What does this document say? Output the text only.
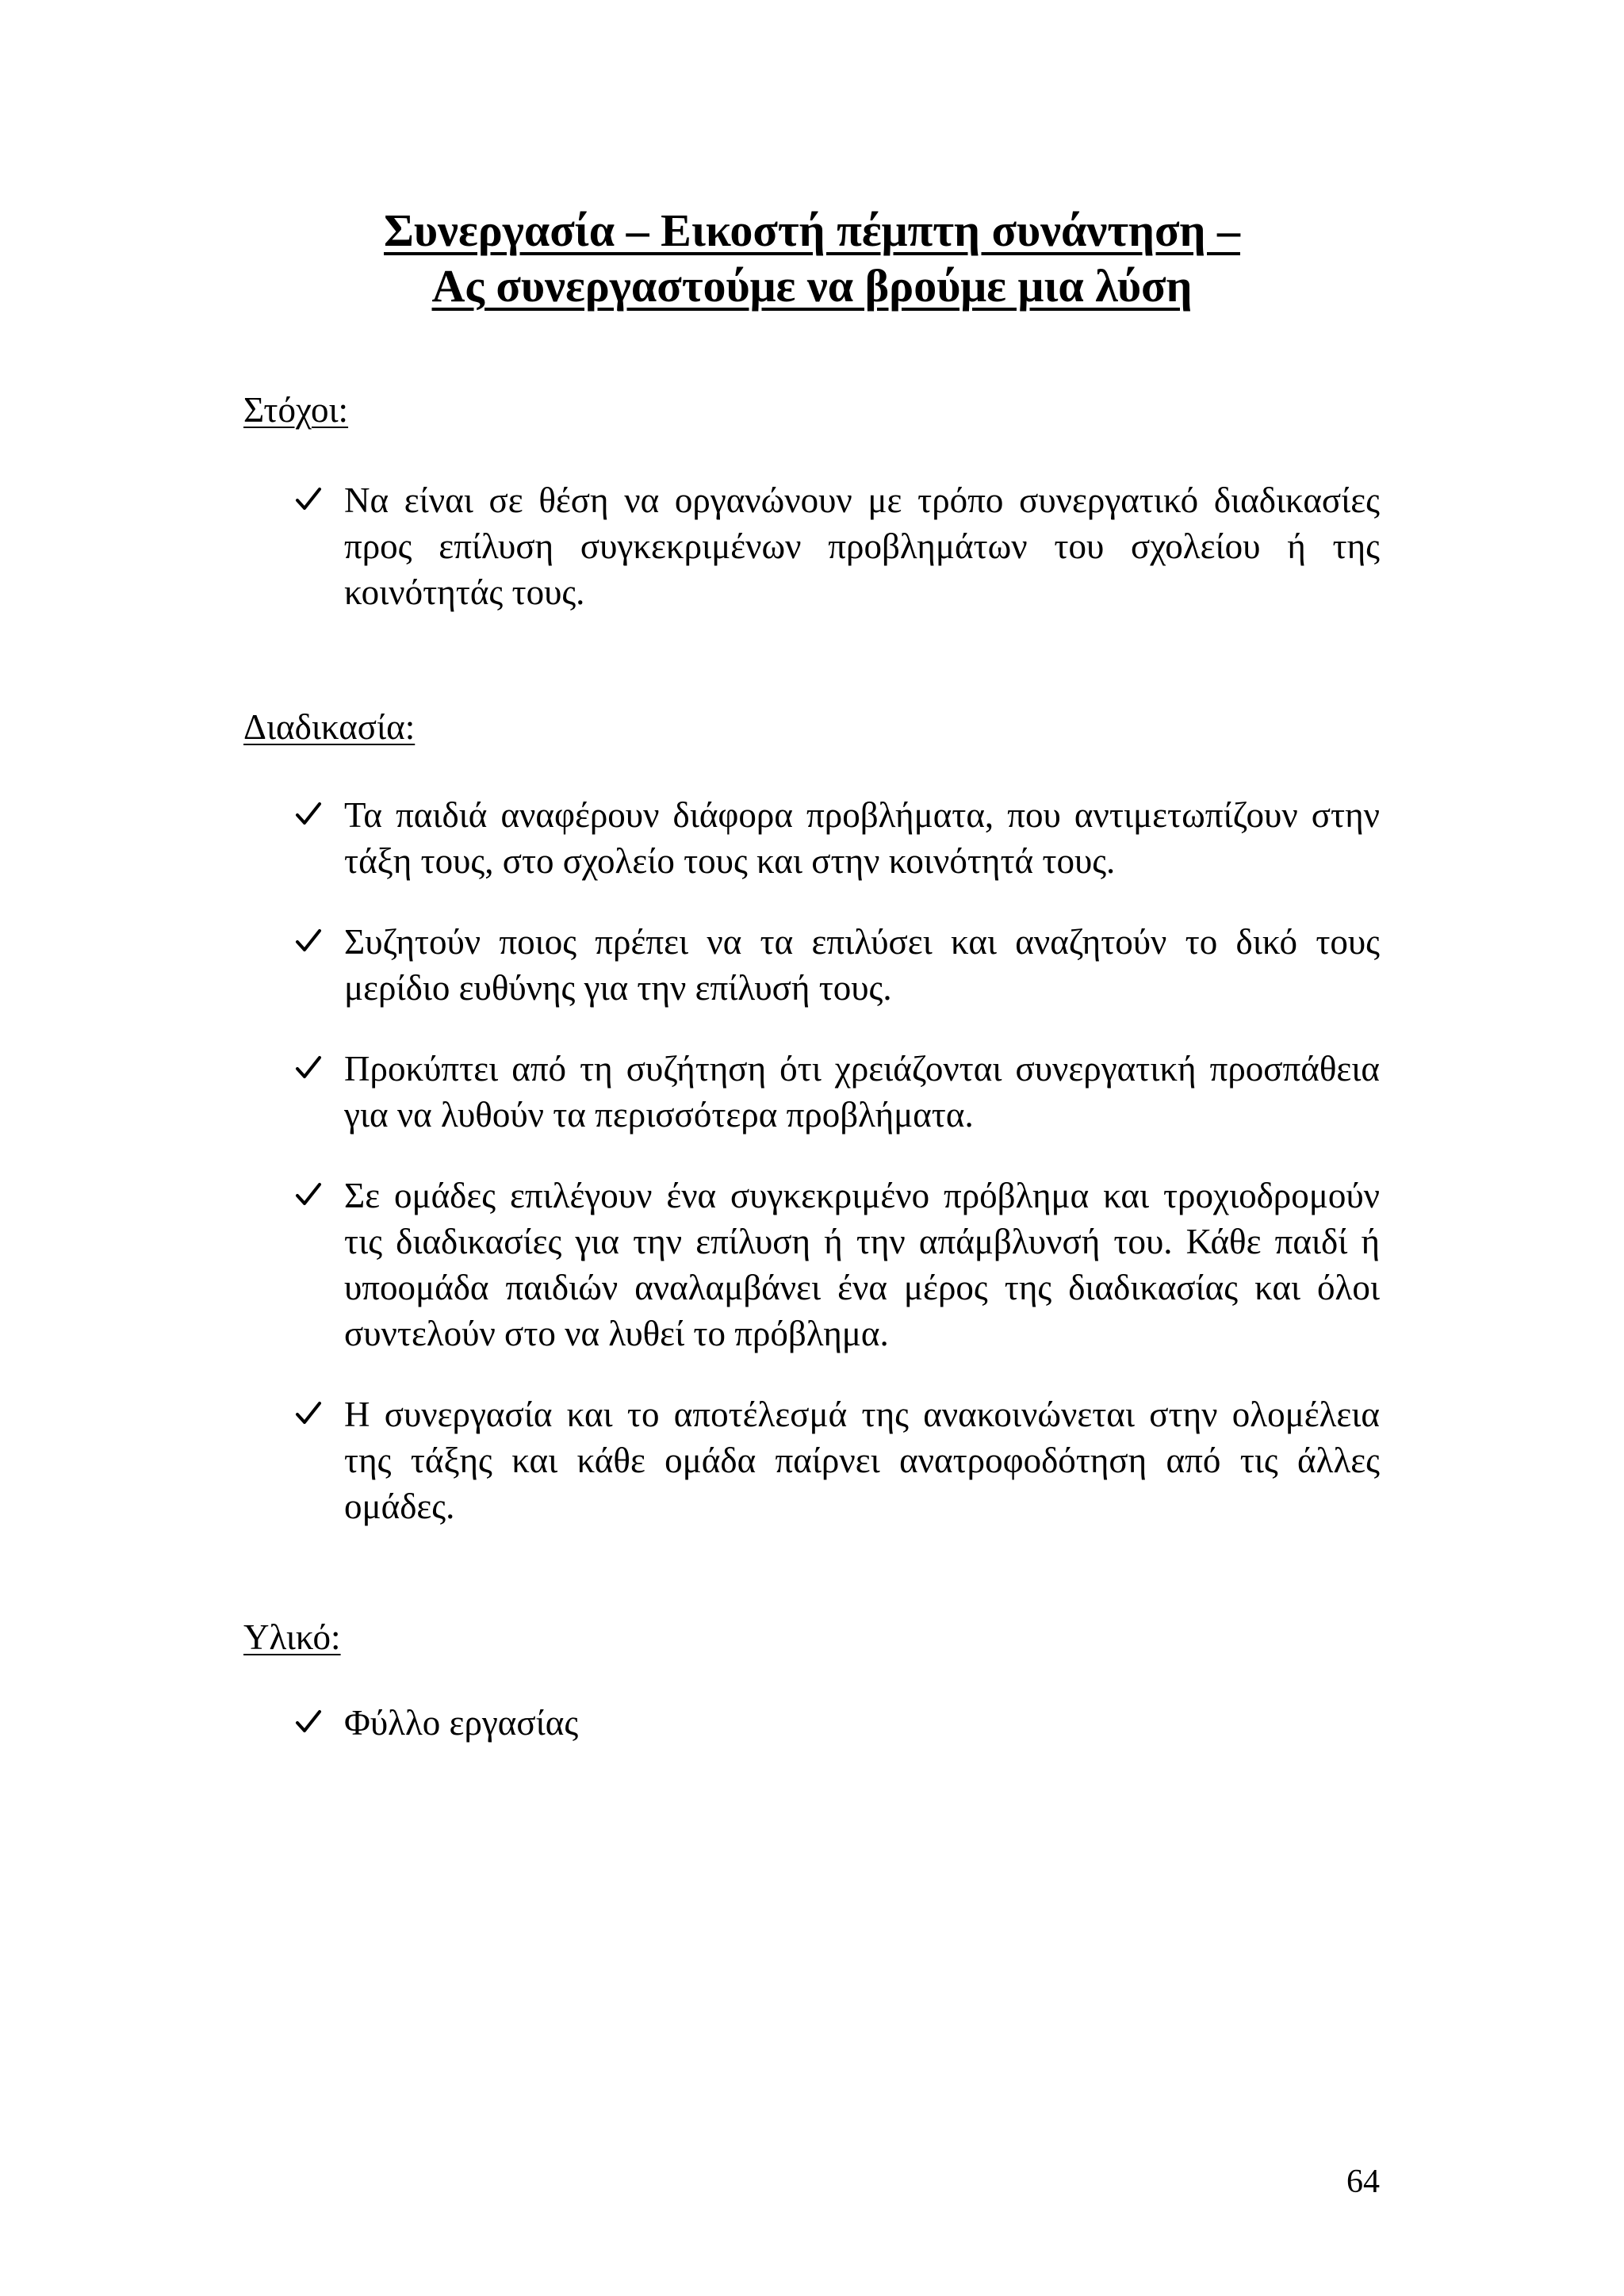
Συνεργασία – Εικοστή πέμπτη συνάντηση –
Ας συνεργαστούμε να βρούμε μια λύση
Στόχοι:
Να είναι σε θέση να οργανώνουν με τρόπο συνεργατικό διαδικασίες προς επίλυση συγκεκριμένων προβλημάτων του σχολείου ή της κοινότητάς τους.
Διαδικασία:
Τα παιδιά αναφέρουν διάφορα προβλήματα, που αντιμετωπίζουν στην τάξη τους, στο σχολείο τους και στην κοινότητά τους.
Συζητούν ποιος πρέπει να τα επιλύσει και αναζητούν το δικό τους μερίδιο ευθύνης για την επίλυσή τους.
Προκύπτει από τη συζήτηση ότι χρειάζονται συνεργατική προσπάθεια για να λυθούν τα περισσότερα προβλήματα.
Σε ομάδες επιλέγουν ένα συγκεκριμένο πρόβλημα και τροχιοδρομούν τις διαδικασίες για την επίλυση ή την απάμβλυνσή του. Κάθε παιδί ή υποομάδα παιδιών αναλαμβάνει ένα μέρος της διαδικασίας και όλοι συντελούν στο να λυθεί το πρόβλημα.
Η συνεργασία και το αποτέλεσμά της ανακοινώνεται στην ολομέλεια της τάξης και κάθε ομάδα παίρνει ανατροφοδότηση από τις άλλες ομάδες.
Υλικό:
Φύλλο εργασίας
64
